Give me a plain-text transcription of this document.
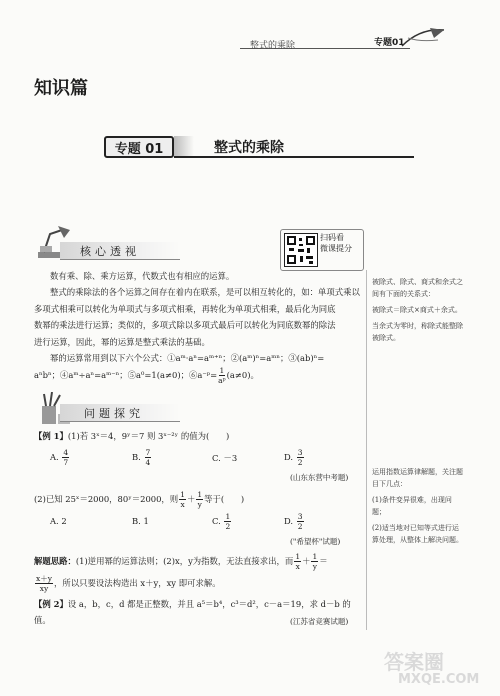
整式的乘除	专题01
知识篇
专题 01	整式的乘除
核心透视
扫码看
微课提分

数有乘、除、乘方运算，代数式也有相应的运算。

整式的乘除法的各个运算之间存在着内在联系，是可以相互转化的，如：单项式乘以

多项式相乘可以转化为单项式与多项式相乘，再转化为单项式相乘，最后化为同底

数幂的乘法进行运算；类似的，多项式除以多项式最后可以转化为同底数幂的除法

进行运算，因此，幂的运算是整式乘法的基础。

幂的运算常用到以下六个公式：①aᵐ·aⁿ=aᵐ⁺ⁿ；②(aᵐ)ⁿ=aᵐⁿ；③(ab)ⁿ=

aⁿbⁿ；④aᵐ÷aⁿ=aᵐ⁻ⁿ；⑤a⁰=1(a≠0)；⑥a⁻ᵖ= $\frac{1}{\text{aᵖ}} (a\ne 0)$。

被除式、除式、商式和余式之间有下面的关系式：

被除式＝除式×商式＋余式。

当余式为零时，称除式能整除被除式。

问题探究
【例 1】(1)若 3ˣ＝4，9ʸ＝7 则 3ˣ⁻²ʸ 的值为(　　)
A. $\frac{4}{7}$	B. $\frac{7}{4}$	C. －3	D. $\frac{3}{2}$
(山东东营中考题)
(2)已知 25ˣ＝2000，80ʸ＝2000，则 $\frac{1}{x} + \frac{1}{y}$ 等于(　　)
A. 2	B. 1	C. $\frac{1}{2}$	D. $\frac{3}{2}$
("希望杯"试题)
解题思路：(1)逆用幂的运算法则；(2)x，y为指数，无法直接求出，而 $\frac{1}{x} + \frac{1}{y}$ ＝
$\frac{x+y}{xy}$ ，所以只要设法构造出 x＋y，xy 即可求解。
【例 2】设 a，b，c，d 都是正整数，并且 a⁵＝b⁴，c³＝d²，c－a＝19，求 d－b 的
值。	(江苏省竞赛试题)

运用指数运算律解题，关注题目下几点：

(1)条件变异很难，出现问题；

(2)适当地对已知等式进行运算处理，从整体上解决问题。

答案圈
MXQE.COM
